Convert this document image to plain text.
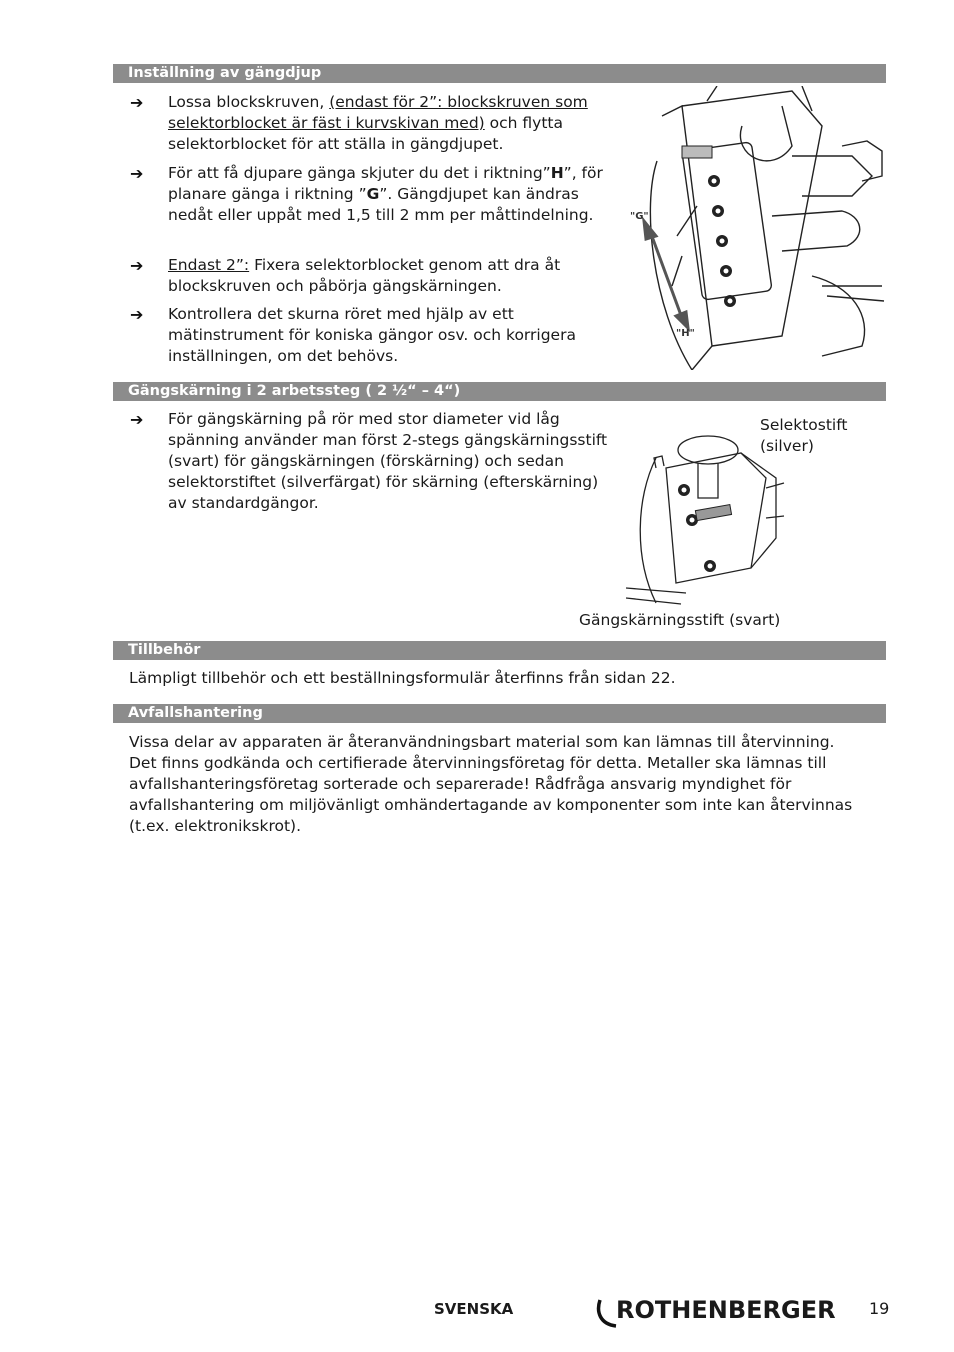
Inställning av gängdjup
➔ Lossa blockskruven, (endast för 2”: blockskruven som selektorblocket är fäst i kurvskivan med) och flytta selektorblocket för att ställa in gängdjupet.
➔ För att få djupare gänga skjuter du det i riktning”H”, för planare gänga i riktning ”G”. Gängdjupet kan ändras nedåt eller uppåt med 1,5 till 2 mm per måttindelning.
➔ Endast 2”: Fixera selektorblocket genom att dra åt blockskruven och påbörja gängskärningen.
➔ Kontrollera det skurna röret med hjälp av ett mätinstrument för koniska gängor osv. och korrigera inställningen, om det behövs.
"G"
"H"
Gängskärning i 2 arbetssteg ( 2 ½“ – 4“)
➔ För gängskärning på rör med stor diameter vid låg spänning använder man först 2-stegs gängskärningsstift (svart) för gängskärningen (förskärning) och sedan selektorstiftet (silverfärgat) för skärning (efterskärning) av standardgängor.
Selektostift
(silver)
Gängskärningsstift (svart)
Tillbehör
Lämpligt tillbehör och ett beställningsformulär återfinns från sidan 22.
Avfallshantering
Vissa delar av apparaten är återanvändningsbart material som kan lämnas till återvinning. Det finns godkända och certifierade återvinningsföretag för detta. Metaller ska lämnas till avfallshanteringsföretag sorterade och separerade! Rådfråga ansvarig myndighet för avfallshantering om miljövänligt omhändertagande av komponenter som inte kan återvinnas (t.ex. elektronikskrot).
SVENSKA	ROTHENBERGER 19
